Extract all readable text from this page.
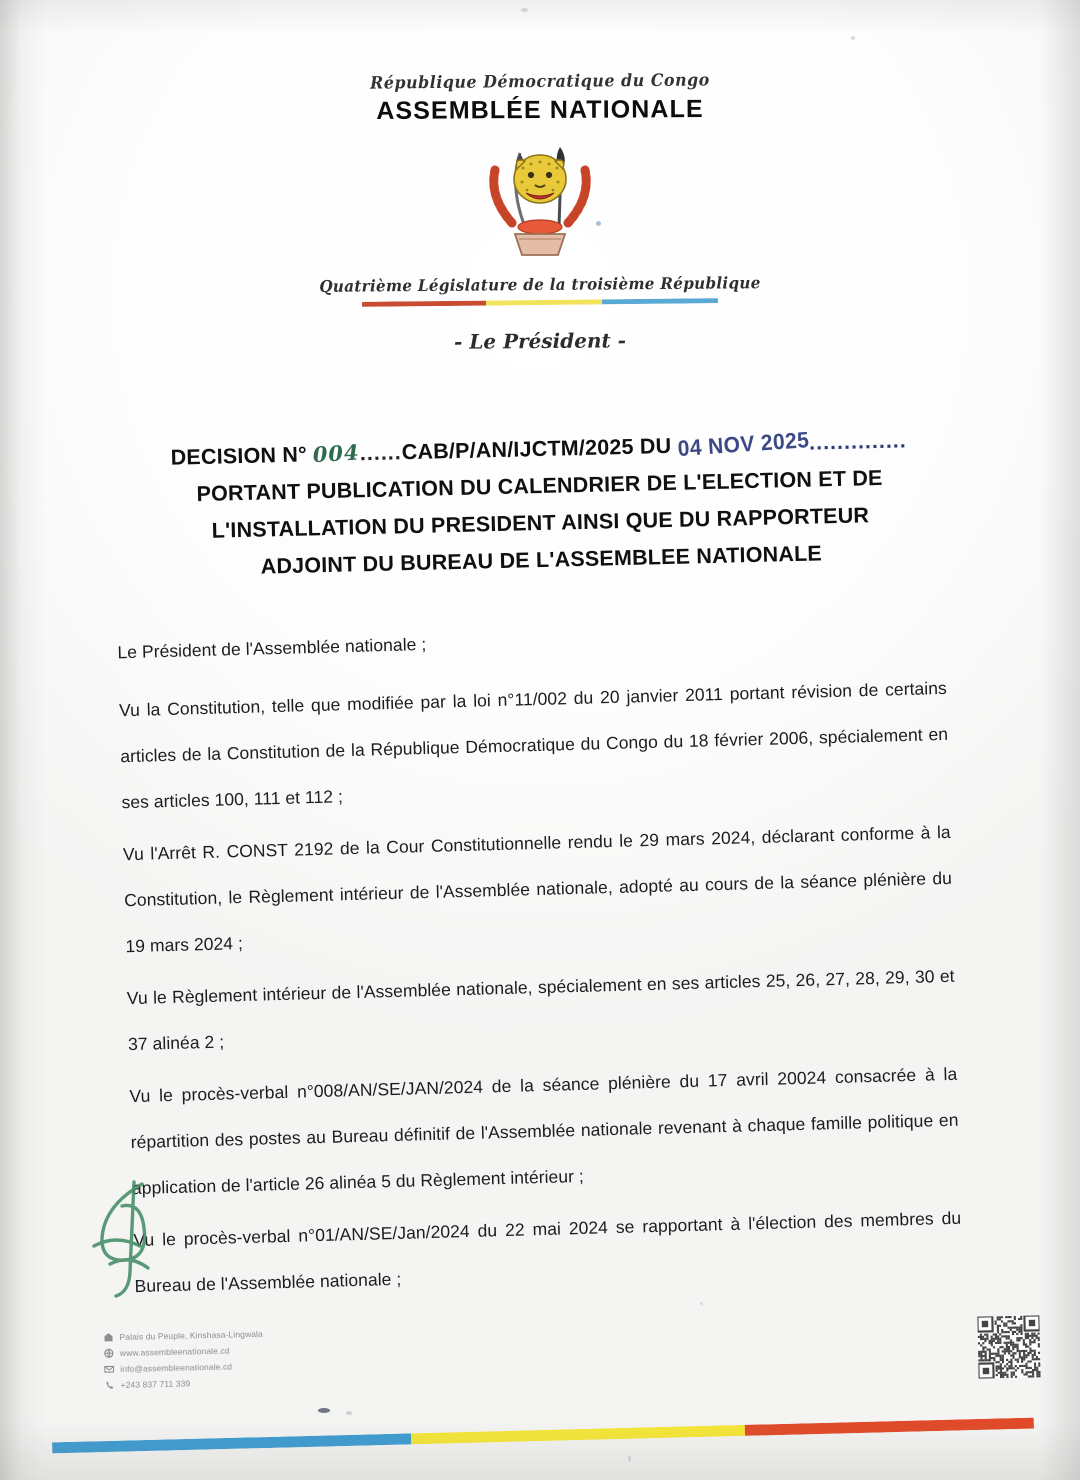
République Démocratique du Congo
ASSEMBLÉE NATIONALE
Quatrième Législature de la troisième République
- Le Président -
DECISION N° 004......CAB/P/AN/IJCTM/2025 DU 04 NOV 2025..............
PORTANT PUBLICATION DU CALENDRIER DE L'ELECTION ET DE
L'INSTALLATION DU PRESIDENT AINSI QUE DU RAPPORTEUR
ADJOINT DU BUREAU DE L'ASSEMBLEE NATIONALE

Le Président de l'Assemblée nationale ;

Vu la Constitution, telle que modifiée par la loi n°11/002 du 20 janvier 2011 portant révision de certains articles de la Constitution de la République Démocratique du Congo du 18 février 2006, spécialement en ses articles 100, 111 et 112 ;

Vu l'Arrêt R. CONST 2192 de la Cour Constitutionnelle rendu le 29 mars 2024, déclarant conforme à la Constitution, le Règlement intérieur de l'Assemblée nationale, adopté au cours de la séance plénière du 19 mars 2024 ;

Vu le Règlement intérieur de l'Assemblée nationale, spécialement en ses articles 25, 26, 27, 28, 29, 30 et 37 alinéa 2 ;

Vu le procès-verbal n°008/AN/SE/JAN/2024 de la séance plénière du 17 avril 20024 consacrée à la répartition des postes au Bureau définitif de l'Assemblée nationale revenant à chaque famille politique en application de l'article 26 alinéa 5 du Règlement intérieur ;

Vu le procès-verbal n°01/AN/SE/Jan/2024 du 22 mai 2024 se rapportant à l'élection des membres du Bureau de l'Assemblée nationale ;

Palais du Peuple, Kinshasa-Lingwala
www.assembleenationale.cd
info@assembleenationale.cd
+243 837 711 339
